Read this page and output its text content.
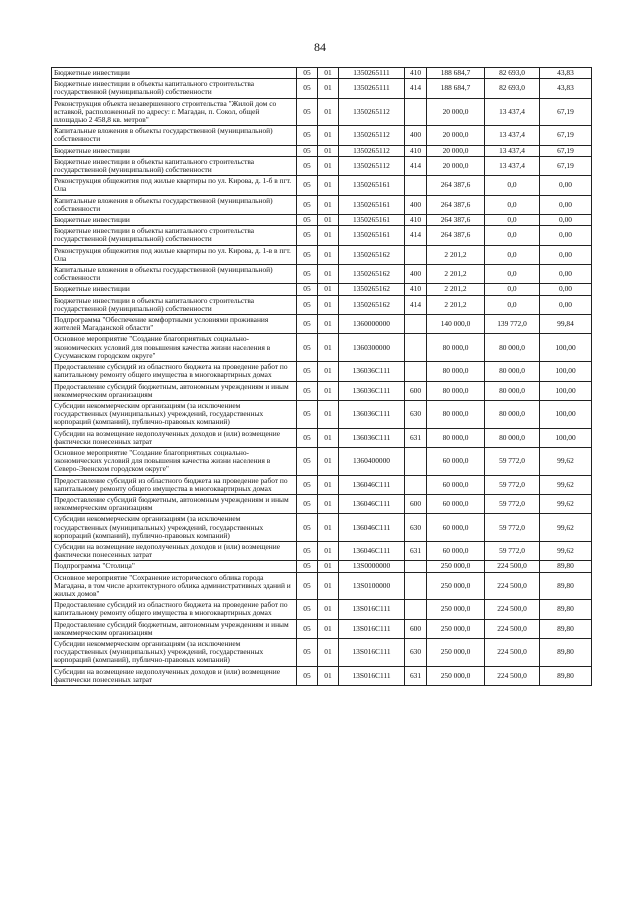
84
Бюджетные инвестиции	05	01	1350265111	410	188 684,7	82 693,0	43,83
Бюджетные инвестиции в объекты капитального строительства государственной (муниципальной) собственности	05	01	1350265111	414	188 684,7	82 693,0	43,83
Реконструкция объекта незавершенного строительства "Жилой дом со вставкой, расположенный по адресу: г. Магадан, п. Сокол, общей площадью 2 458,8 кв. метров"	05	01	1350265112		20 000,0	13 437,4	67,19
Капитальные вложения в объекты государственной (муниципальной) собственности	05	01	1350265112	400	20 000,0	13 437,4	67,19
Бюджетные инвестиции	05	01	1350265112	410	20 000,0	13 437,4	67,19
Бюджетные инвестиции в объекты капитального строительства государственной (муниципальной) собственности	05	01	1350265112	414	20 000,0	13 437,4	67,19
Реконструкция общежития под жилые квартиры по ул. Кирова, д. 1-б в пгт. Ола	05	01	1350265161		264 387,6	0,0	0,00
Капитальные вложения в объекты государственной (муниципальной) собственности	05	01	1350265161	400	264 387,6	0,0	0,00
Бюджетные инвестиции	05	01	1350265161	410	264 387,6	0,0	0,00
Бюджетные инвестиции в объекты капитального строительства государственной (муниципальной) собственности	05	01	1350265161	414	264 387,6	0,0	0,00
Реконструкция общежития под жилые квартиры по ул. Кирова, д. 1-в в пгт. Ола	05	01	1350265162		2 201,2	0,0	0,00
Капитальные вложения в объекты государственной (муниципальной) собственности	05	01	1350265162	400	2 201,2	0,0	0,00
Бюджетные инвестиции	05	01	1350265162	410	2 201,2	0,0	0,00
Бюджетные инвестиции в объекты капитального строительства государственной (муниципальной) собственности	05	01	1350265162	414	2 201,2	0,0	0,00
Подпрограмма "Обеспечение комфортными условиями проживания жителей Магаданской области"	05	01	1360000000		140 000,0	139 772,0	99,84
Основное мероприятие "Создание благоприятных социально-экономических условий для повышения качества жизни населения в Сусуманском городском округе"	05	01	1360300000		80 000,0	80 000,0	100,00
Предоставление субсидий из областного бюджета на проведение работ по капитальному ремонту общего имущества в многоквартирных домах	05	01	136036С111		80 000,0	80 000,0	100,00
Предоставление субсидий бюджетным, автономным учреждениям и иным некоммерческим организациям	05	01	136036С111	600	80 000,0	80 000,0	100,00
Субсидии некоммерческим организациям (за исключением государственных (муниципальных) учреждений, государственных корпораций (компаний), публично-правовых компаний)	05	01	136036С111	630	80 000,0	80 000,0	100,00
Субсидии на возмещение недополученных доходов и (или) возмещение фактически понесенных затрат	05	01	136036С111	631	80 000,0	80 000,0	100,00
Основное мероприятие "Создание благоприятных социально-экономических условий для повышения качества жизни населения в Северо-Эвенском городском округе"	05	01	1360400000		60 000,0	59 772,0	99,62
Предоставление субсидий из областного бюджета на проведение работ по капитальному ремонту общего имущества в многоквартирных домах	05	01	136046С111		60 000,0	59 772,0	99,62
Предоставление субсидий бюджетным, автономным учреждениям и иным некоммерческим организациям	05	01	136046С111	600	60 000,0	59 772,0	99,62
Субсидии некоммерческим организациям (за исключением государственных (муниципальных) учреждений, государственных корпораций (компаний), публично-правовых компаний)	05	01	136046С111	630	60 000,0	59 772,0	99,62
Субсидии на возмещение недополученных доходов и (или) возмещение фактически понесенных затрат	05	01	136046С111	631	60 000,0	59 772,0	99,62
Подпрограмма "Столица"	05	01	13S0000000		250 000,0	224 500,0	89,80
Основное мероприятие "Сохранение исторического облика города Магадана, в том числе архитектурного облика административных зданий и жилых домов"	05	01	13S0100000		250 000,0	224 500,0	89,80
Предоставление субсидий из областного бюджета на проведение работ по капитальному ремонту общего имущества в многоквартирных домах	05	01	13S016С111		250 000,0	224 500,0	89,80
Предоставление субсидий бюджетным, автономным учреждениям и иным некоммерческим организациям	05	01	13S016С111	600	250 000,0	224 500,0	89,80
Субсидии некоммерческим организациям (за исключением государственных (муниципальных) учреждений, государственных корпораций (компаний), публично-правовых компаний)	05	01	13S016С111	630	250 000,0	224 500,0	89,80
Субсидии на возмещение недополученных доходов и (или) возмещение фактически понесенных затрат	05	01	13S016С111	631	250 000,0	224 500,0	89,80
